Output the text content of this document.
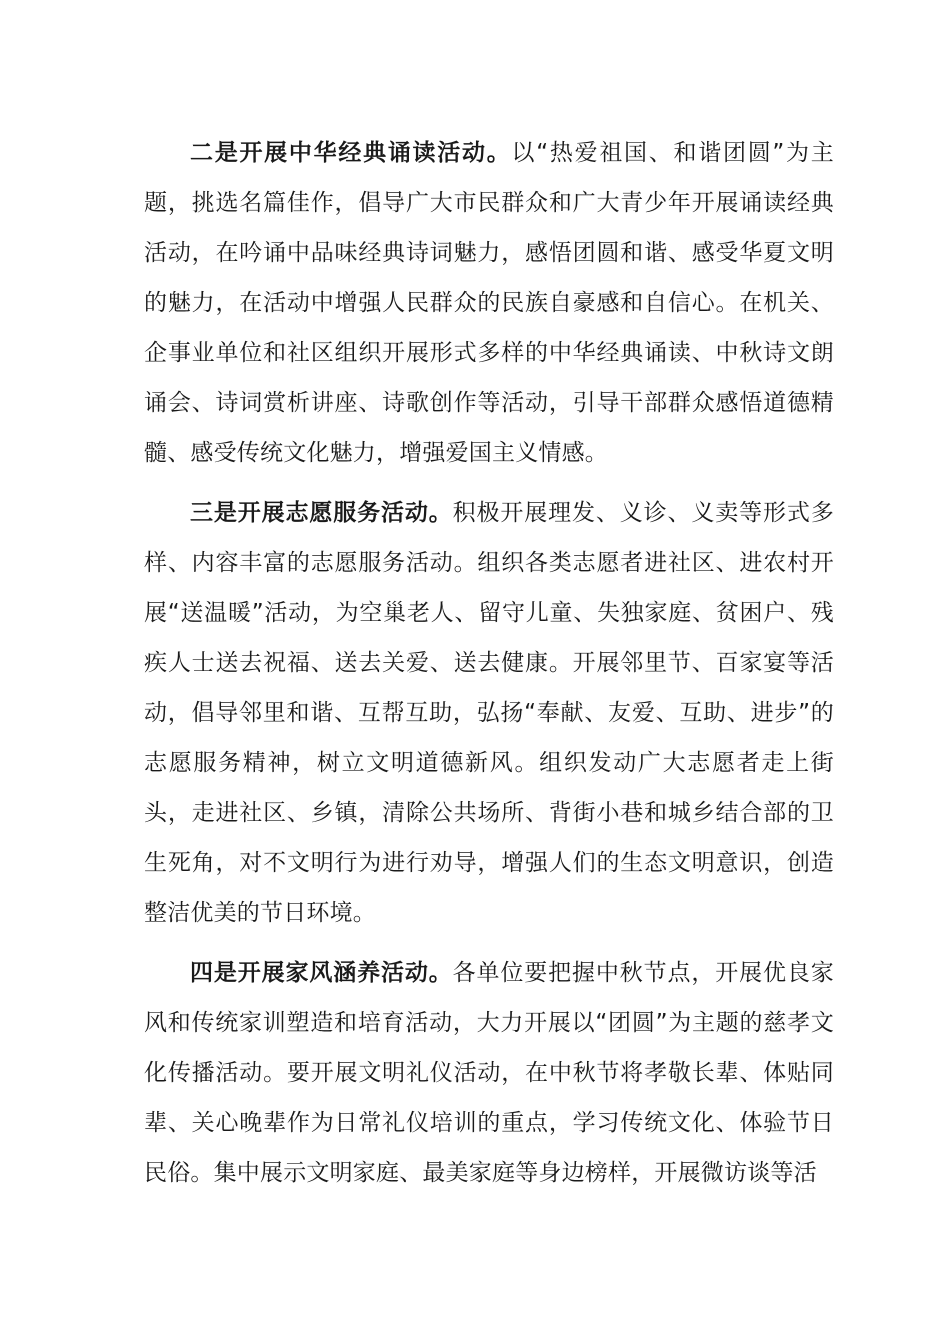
二是开展中华经典诵读活动。以“热爱祖国、和谐团圆”为主题，挑选名篇佳作，倡导广大市民群众和广大青少年开展诵读经典活动，在吟诵中品味经典诗词魅力，感悟团圆和谐、感受华夏文明的魅力，在活动中增强人民群众的民族自豪感和自信心。在机关、企事业单位和社区组织开展形式多样的中华经典诵读、中秋诗文朗诵会、诗词赏析讲座、诗歌创作等活动，引导干部群众感悟道德精髓、感受传统文化魅力，增强爱国主义情感。

三是开展志愿服务活动。积极开展理发、义诊、义卖等形式多样、内容丰富的志愿服务活动。组织各类志愿者进社区、进农村开展“送温暖”活动，为空巢老人、留守儿童、失独家庭、贫困户、残疾人士送去祝福、送去关爱、送去健康。开展邻里节、百家宴等活动，倡导邻里和谐、互帮互助，弘扬“奉献、友爱、互助、进步”的志愿服务精神，树立文明道德新风。组织发动广大志愿者走上街头，走进社区、乡镇，清除公共场所、背街小巷和城乡结合部的卫生死角，对不文明行为进行劝导，增强人们的生态文明意识，创造整洁优美的节日环境。

四是开展家风涵养活动。各单位要把握中秋节点，开展优良家风和传统家训塑造和培育活动，大力开展以“团圆”为主题的慈孝文化传播活动。要开展文明礼仪活动，在中秋节将孝敬长辈、体贴同辈、关心晚辈作为日常礼仪培训的重点，学习传统文化、体验节日民俗。集中展示文明家庭、最美家庭等身边榜样，开展微访谈等活
